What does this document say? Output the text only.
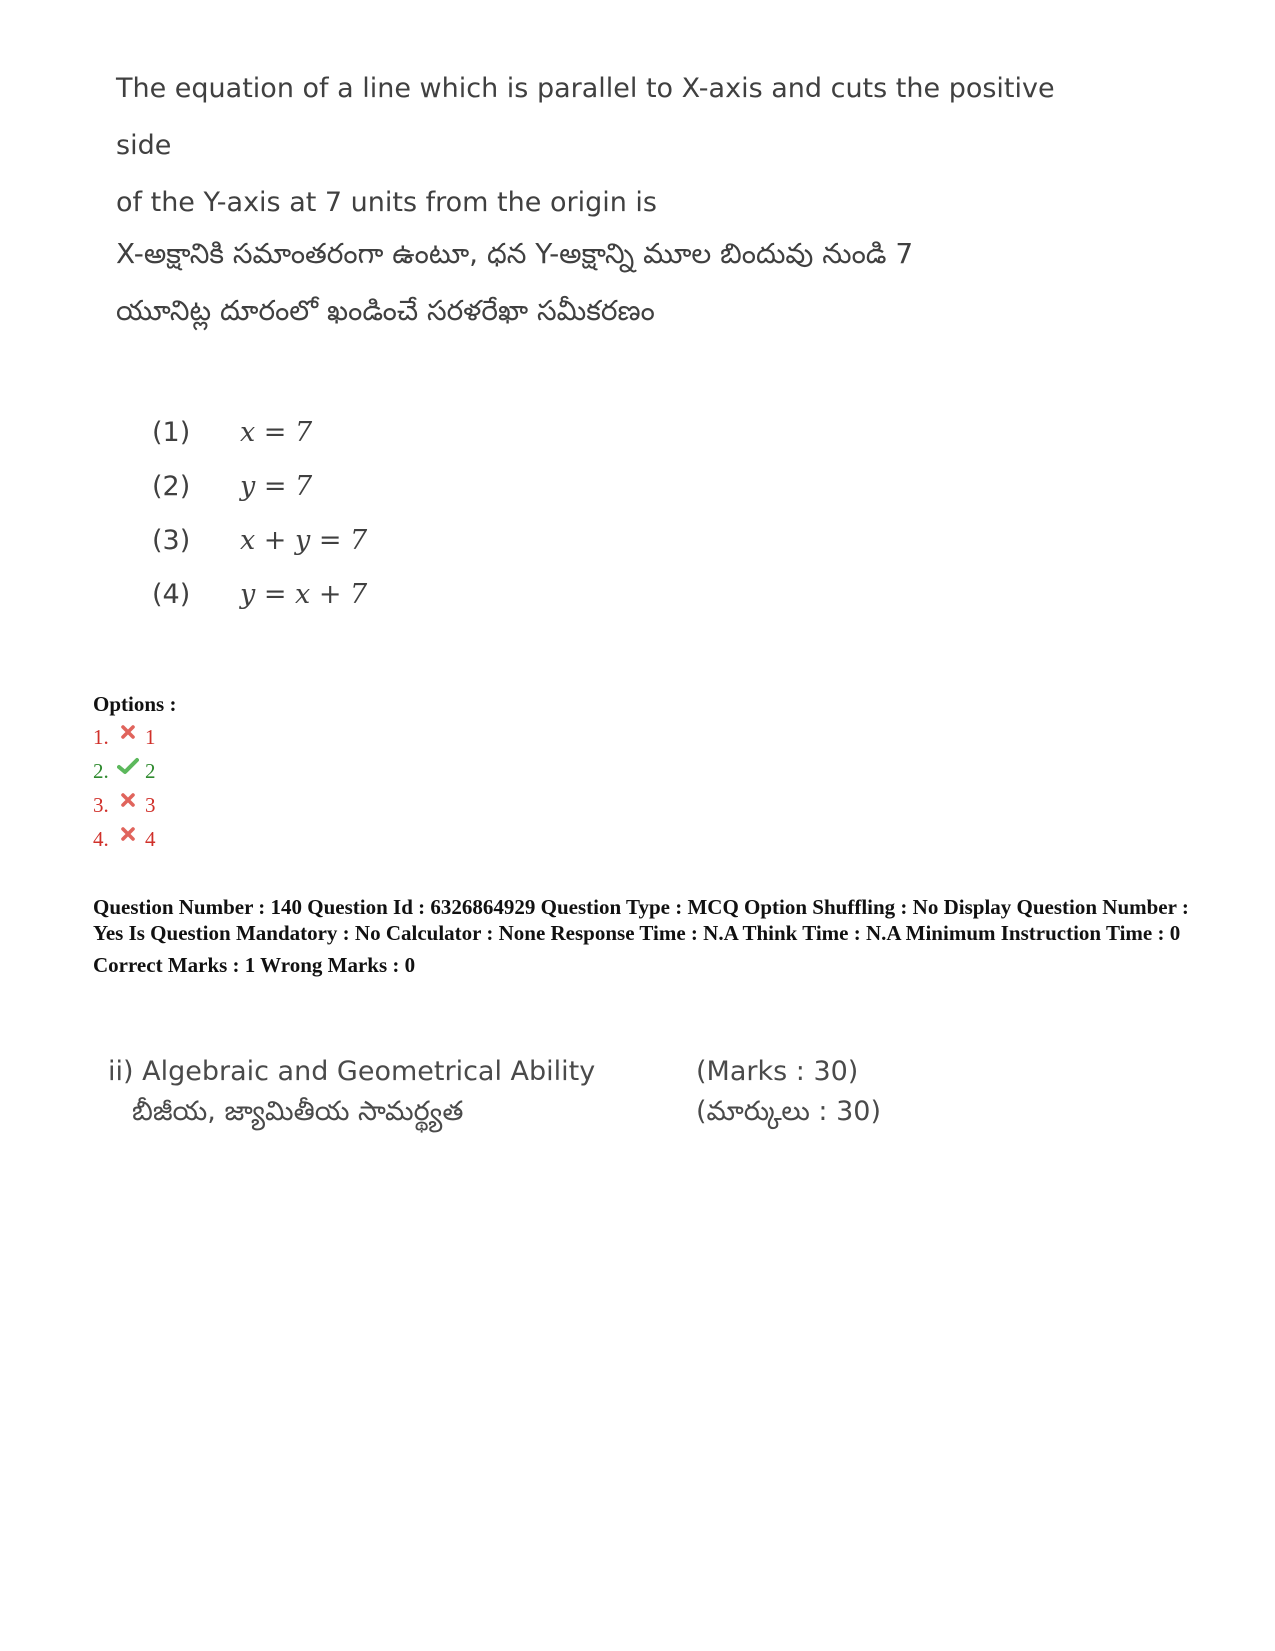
The equation of a line which is parallel to X-axis and cuts the positive side

of the Y-axis at 7 units from the origin is

X-అక్షానికి సమాంతరంగా ఉంటూ, ధన Y-అక్షాన్ని మూల బిందువు నుండి 7
యూనిట్ల దూరంలో ఖండించే సరళరేఖా సమీకరణం
(1)	x = 7
(2)	y = 7
(3)	x + y = 7
(4)	y = x + 7
Options :
1.	1
2.	2
3.	3
4.	4

Question Number : 140 Question Id : 6326864929 Question Type : MCQ Option Shuffling : No Display Question Number : Yes Is Question Mandatory : No Calculator : None Response Time : N.A Think Time : N.A Minimum Instruction Time : 0

Correct Marks : 1 Wrong Marks : 0

ii) Algebraic and Geometrical Ability	(Marks : 30)
బీజీయ, జ్యామితీయ సామర్థ్యత	(మార్కులు : 30)
